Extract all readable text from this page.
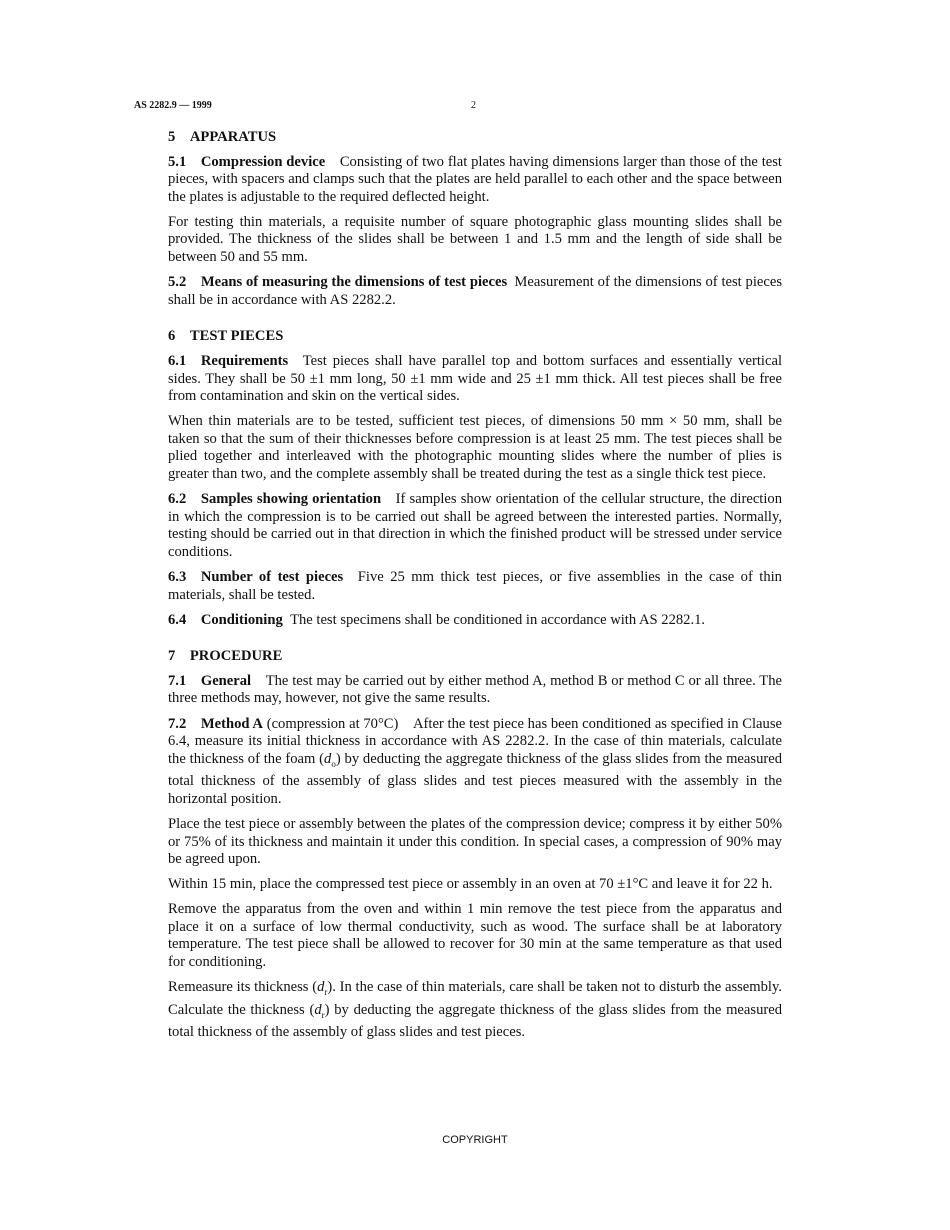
AS 2282.9 — 1999	2
5 APPARATUS

5.1  Compression device  Consisting of two flat plates having dimensions larger than those of the test pieces, with spacers and clamps such that the plates are held parallel to each other and the space between the plates is adjustable to the required deflected height.

For testing thin materials, a requisite number of square photographic glass mounting slides shall be provided. The thickness of the slides shall be between 1 and 1.5 mm and the length of side shall be between 50 and 55 mm.

5.2  Means of measuring the dimensions of test pieces  Measurement of the dimensions of test pieces shall be in accordance with AS 2282.2.

6 TEST PIECES

6.1  Requirements  Test pieces shall have parallel top and bottom surfaces and essentially vertical sides. They shall be 50 ±1 mm long, 50 ±1 mm wide and 25 ±1 mm thick. All test pieces shall be free from contamination and skin on the vertical sides.

When thin materials are to be tested, sufficient test pieces, of dimensions 50 mm × 50 mm, shall be taken so that the sum of their thicknesses before compression is at least 25 mm. The test pieces shall be plied together and interleaved with the photographic mounting slides where the number of plies is greater than two, and the complete assembly shall be treated during the test as a single thick test piece.

6.2  Samples showing orientation  If samples show orientation of the cellular structure, the direction in which the compression is to be carried out shall be agreed between the interested parties. Normally, testing should be carried out in that direction in which the finished product will be stressed under service conditions.

6.3  Number of test pieces  Five 25 mm thick test pieces, or five assemblies in the case of thin materials, shall be tested.

6.4  Conditioning  The test specimens shall be conditioned in accordance with AS 2282.1.

7 PROCEDURE

7.1  General  The test may be carried out by either method A, method B or method C or all three. The three methods may, however, not give the same results.

7.2  Method A (compression at 70°C)  After the test piece has been conditioned as specified in Clause 6.4, measure its initial thickness in accordance with AS 2282.2. In the case of thin materials, calculate the thickness of the foam $(d_o)$ by deducting the aggregate thickness of the glass slides from the measured total thickness of the assembly of glass slides and test pieces measured with the assembly in the horizontal position.

Place the test piece or assembly between the plates of the compression device; compress it by either 50% or 75% of its thickness and maintain it under this condition. In special cases, a compression of 90% may be agreed upon.

Within 15 min, place the compressed test piece or assembly in an oven at 70 ±1°C and leave it for 22 h.

Remove the apparatus from the oven and within 1 min remove the test piece from the apparatus and place it on a surface of low thermal conductivity, such as wood. The surface shall be at laboratory temperature. The test piece shall be allowed to recover for 30 min at the same temperature as that used for conditioning.

Remeasure its thickness $(d_r)$. In the case of thin materials, care shall be taken not to disturb the assembly. Calculate the thickness $(d_r)$ by deducting the aggregate thickness of the glass slides from the measured total thickness of the assembly of glass slides and test pieces.

COPYRIGHT
